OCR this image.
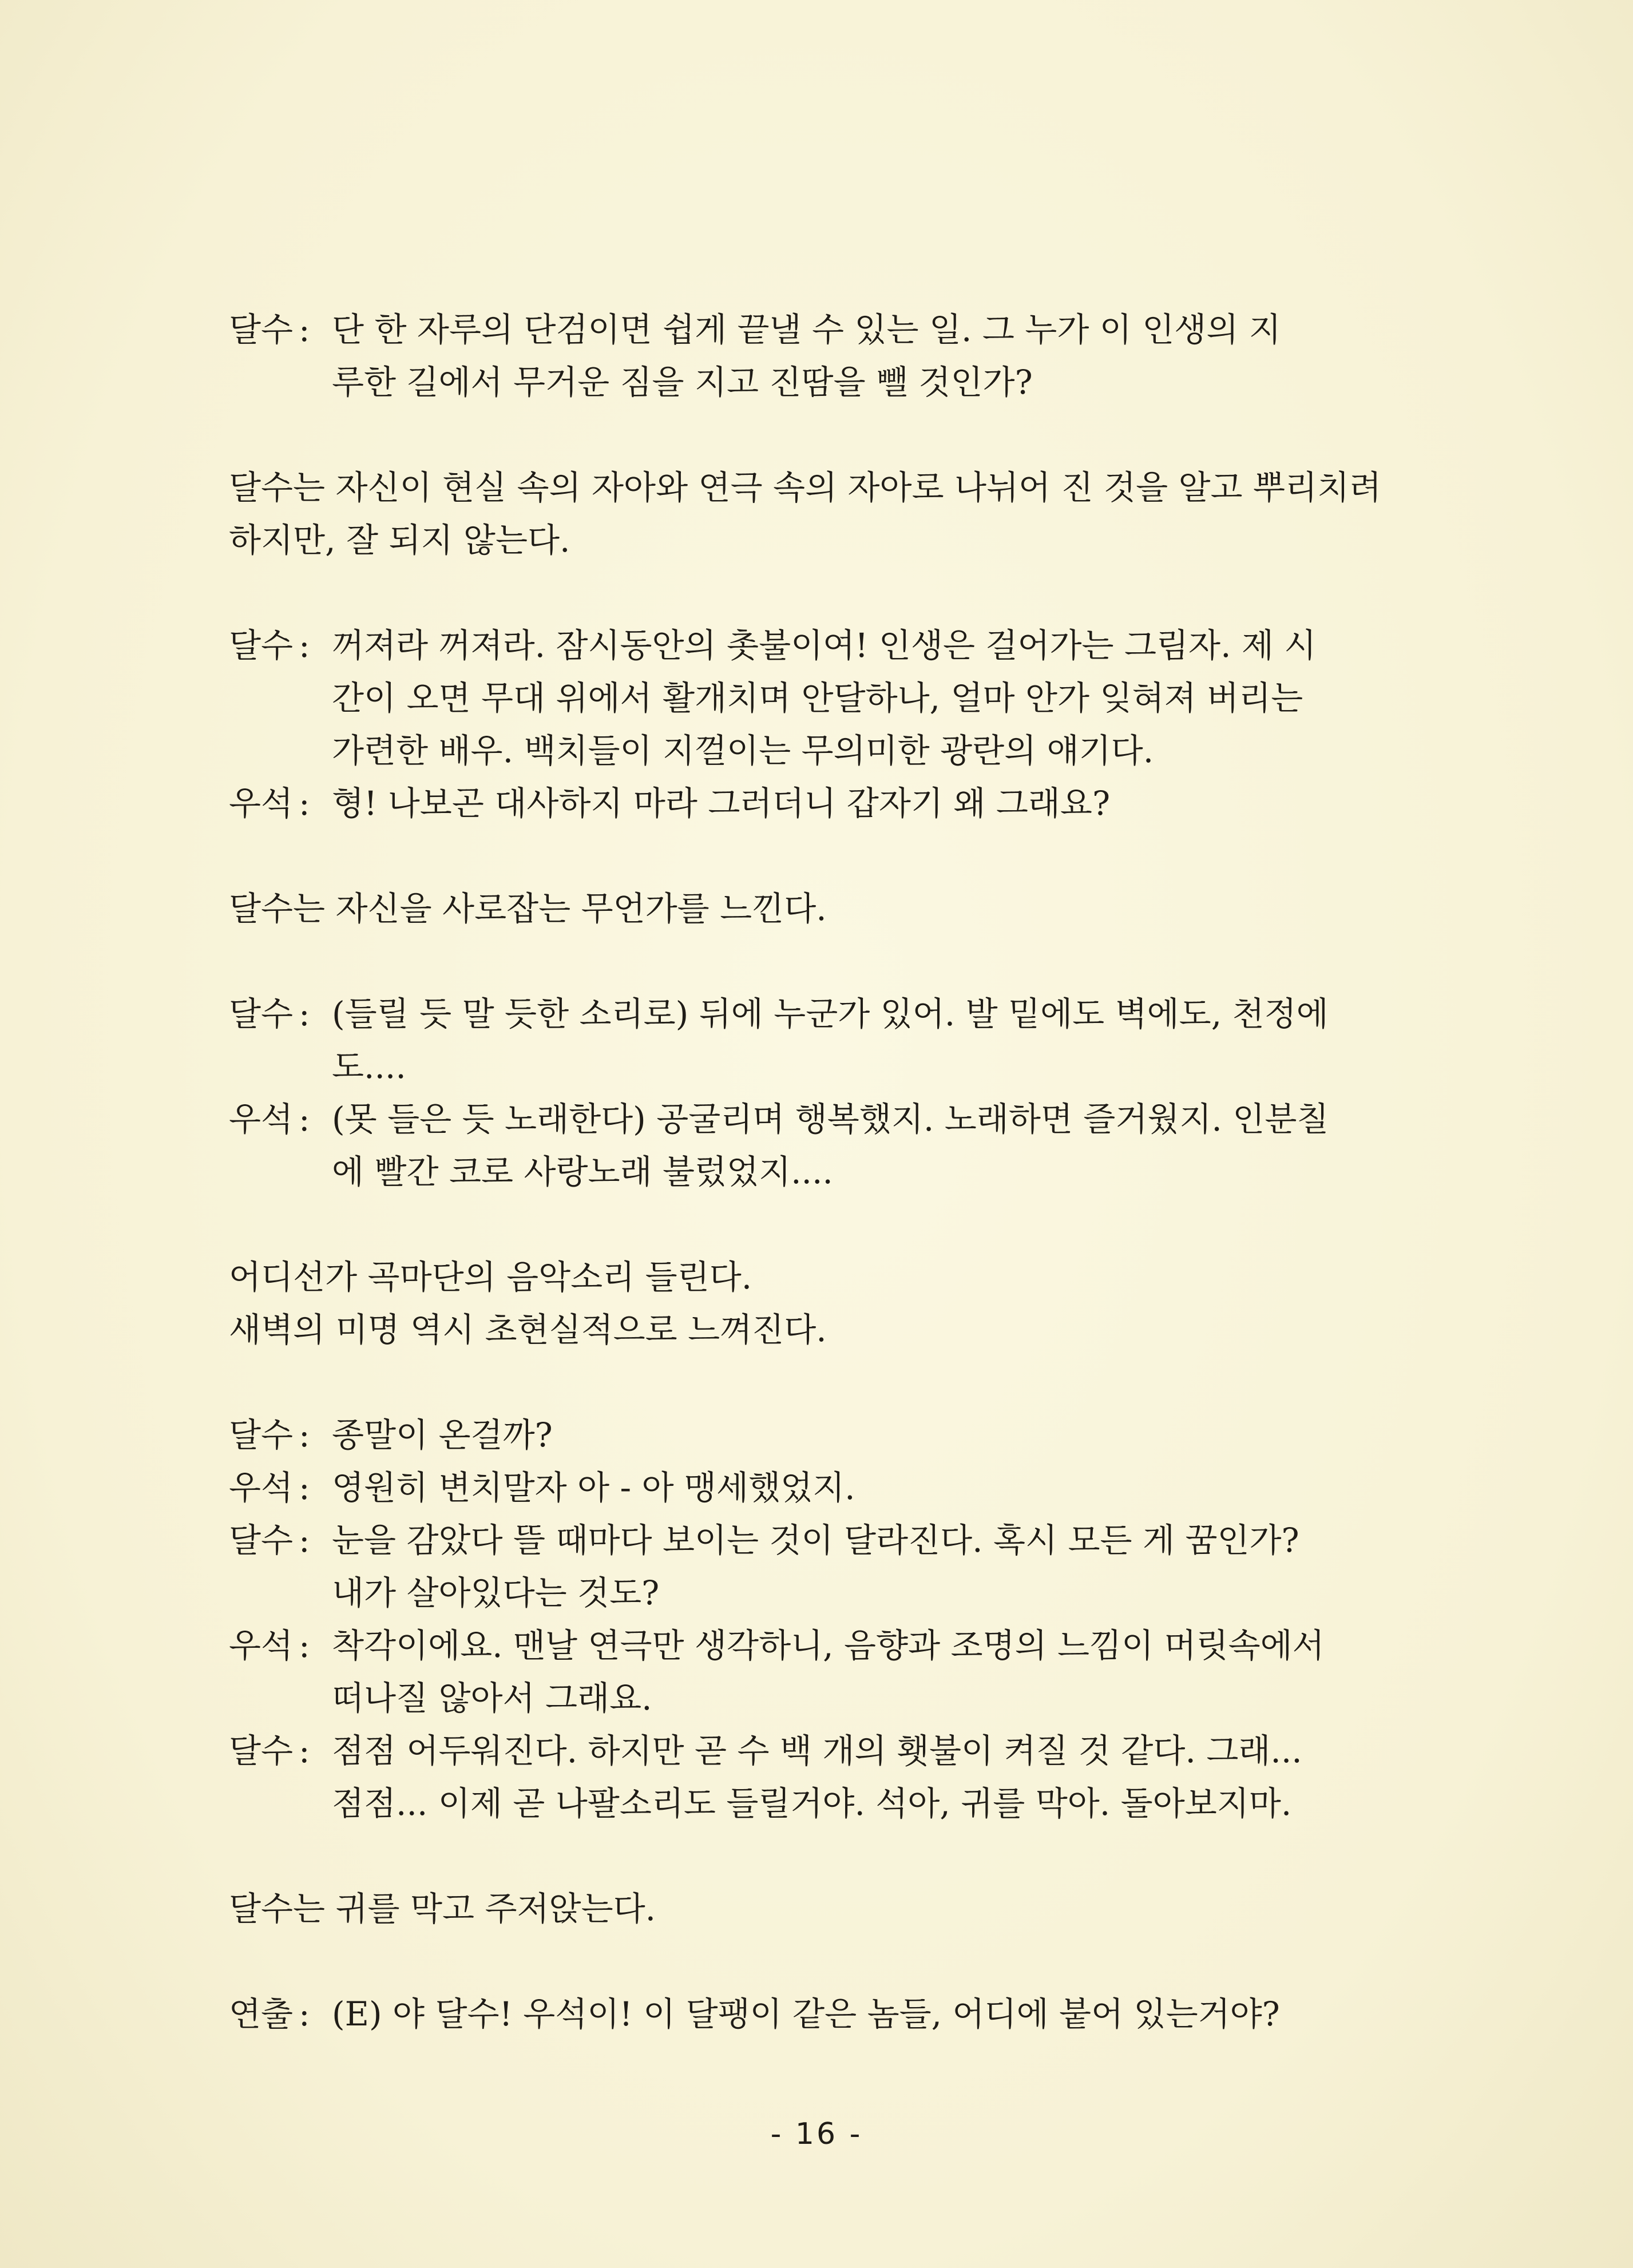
달수 : 단 한 자루의 단검이면 쉽게 끝낼 수 있는 일. 그 누가 이 인생의 지
루한 길에서 무거운 짐을 지고 진땀을 뺄 것인가?
달수는 자신이 현실 속의 자아와 연극 속의 자아로 나뉘어 진 것을 알고 뿌리치려
하지만, 잘 되지 않는다.
달수 : 꺼져라 꺼져라. 잠시동안의 촛불이여! 인생은 걸어가는 그림자. 제 시
간이 오면 무대 위에서 활개치며 안달하나, 얼마 안가 잊혀져 버리는
가련한 배우. 백치들이 지껄이는 무의미한 광란의 얘기다.
우석 : 형! 나보곤 대사하지 마라 그러더니 갑자기 왜 그래요?
달수는 자신을 사로잡는 무언가를 느낀다.
달수 : (들릴 듯 말 듯한 소리로) 뒤에 누군가 있어. 발 밑에도 벽에도, 천정에
도....
우석 : (못 들은 듯 노래한다) 공굴리며 행복했지. 노래하면 즐거웠지. 인분칠
에 빨간 코로 사랑노래 불렀었지....
어디선가 곡마단의 음악소리 들린다.
새벽의 미명 역시 초현실적으로 느껴진다.
달수 : 종말이 온걸까?
우석 : 영원히 변치말자 아 - 아 맹세했었지.
달수 : 눈을 감았다 뜰 때마다 보이는 것이 달라진다. 혹시 모든 게 꿈인가?
내가 살아있다는 것도?
우석 : 착각이에요. 맨날 연극만 생각하니, 음향과 조명의 느낌이 머릿속에서
떠나질 않아서 그래요.
달수 : 점점 어두워진다. 하지만 곧 수 백 개의 횃불이 켜질 것 같다. 그래...
점점... 이제 곧 나팔소리도 들릴거야. 석아, 귀를 막아. 돌아보지마.
달수는 귀를 막고 주저앉는다.
연출 : (E) 야 달수! 우석이! 이 달팽이 같은 놈들, 어디에 붙어 있는거야?
- 16 -
